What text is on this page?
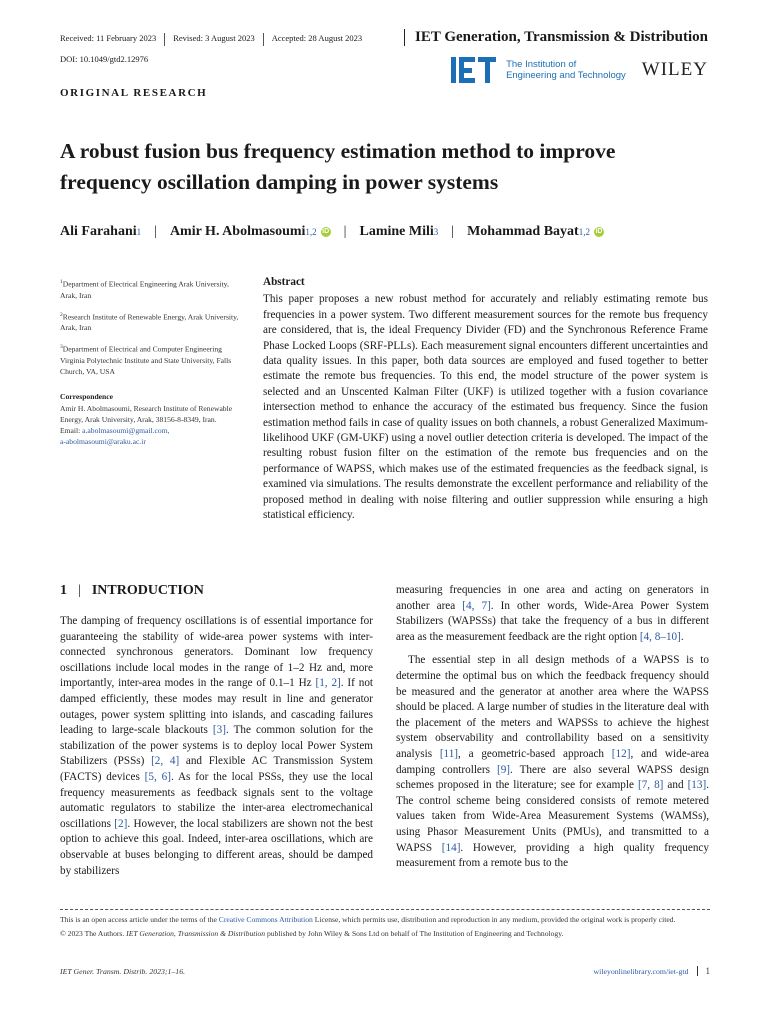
Received: 11 February 2023 Revised: 3 August 2023 Accepted: 28 August 2023	IET Generation, Transmission & Distribution
DOI: 10.1049/gtd2.12976	The Institution of
Engineering and Technology WILEY
ORIGINAL RESEARCH
A robust fusion bus frequency estimation method to improve frequency oscillation damping in power systems
Ali Farahani 1 | Amir H. Abolmasoumi 1,2 iD | Lamine Mili 3 | Mohammad Bayat 1,2 iD

$^1$Department of Electrical Engineering Arak University, Arak, Iran

$^2$Research Institute of Renewable Energy, Arak University, Arak, Iran

$^3$Department of Electrical and Computer Engineering Virginia Polytechnic Institute and State University, Falls Church, VA, USA

Correspondence

Amir H. Abolmasoumi, Research Institute of Renewable Energy, Arak University, Arak, 38156-8-8349, Iran.
Email: a.abolmasoumi@gmail.com,
a-abolmasoumi@araku.ac.ir

Abstract

This paper proposes a new robust method for accurately and reliably estimating remote bus frequencies in a power system. Two different measurement sources for the remote bus frequency are considered, that is, the ideal Frequency Divider (FD) and the Synchronous Reference Frame Phase Locked Loops (SRF-PLLs). Each measurement signal encounters different uncertainties and data quality issues. In this paper, both data sources are employed and fused together to better estimate the remote bus frequencies. To this end, the model structure of the power system is selected and an Unscented Kalman Filter (UKF) is utilized together with a fusion covariance intersection method to enhance the accuracy of the estimated bus frequency. Since the fusion estimation method fails in case of quality issues on both channels, a robust Generalized Maximum-likelihood UKF (GM-UKF) using a novel outlier detection criteria is developed. The impact of the resulting robust fusion filter on the estimation of the remote bus frequencies and on the performance of WAPSS, which makes use of the estimated frequencies as the feedback signal, is examined via simulations. The results demonstrate the excellent performance and reliability of the proposed method in dealing with noise filtering and outlier suppression while ensuring a high statistical efficiency.

1 | INTRODUCTION

The damping of frequency oscillations is of essential importance for guaranteeing the stability of wide-area power systems with inter-connected synchronous generators. Dominant low frequency oscillations include local modes in the range of 1–2 Hz and, more importantly, inter-area modes in the range of 0.1–1 Hz [1, 2]. If not damped efficiently, these modes may result in line and generator outages, power system splitting into islands, and cascading failures leading to large-scale blackouts [3]. The common solution for the stabilization of the power systems is to deploy local Power System Stabilizers (PSSs) [2, 4] and Flexible AC Transmission System (FACTS) devices [5, 6]. As for the local PSSs, they use the local frequency measurements as feedback signals sent to the voltage automatic regulators to stabilize the inter-area electromechanical oscillations [2]. However, the local stabilizers are shown not the best option to achieve this goal. Indeed, inter-area oscillations, which are observable at buses belonging to different areas, should be damped by stabilizers

measuring frequencies in one area and acting on generators in another area [4, 7]. In other words, Wide-Area Power System Stabilizers (WAPSSs) that take the frequency of a bus in different area as the measurement feedback are the right option [4, 8–10].

The essential step in all design methods of a WAPSS is to determine the optimal bus on which the feedback frequency should be measured and the generator at another area where the WAPSS should be placed. A large number of studies in the literature deal with the placement of the meters and WAPSSs to achieve the highest system observability and controllability based on a sensitivity analysis [11], a geometric-based approach [12], and wide-area damping controllers [9]. There are also several WAPSS design schemes proposed in the literature; see for example [7, 8] and [13]. The control scheme being considered consists of remote metered values taken from Wide-Area Measurement Systems (WAMSs), using Phasor Measurement Units (PMUs), and transmitted to a WAPSS [14]. However, providing a high quality frequency measurement from a remote bus to the

This is an open access article under the terms of the Creative Commons Attribution License, which permits use, distribution and reproduction in any medium, provided the original work is properly cited.

© 2023 The Authors. IET Generation, Transmission & Distribution published by John Wiley & Sons Ltd on behalf of The Institution of Engineering and Technology.

IET Gener. Transm. Distrib. 2023;1–16.	wileyonlinelibrary.com/iet-gtd	1
